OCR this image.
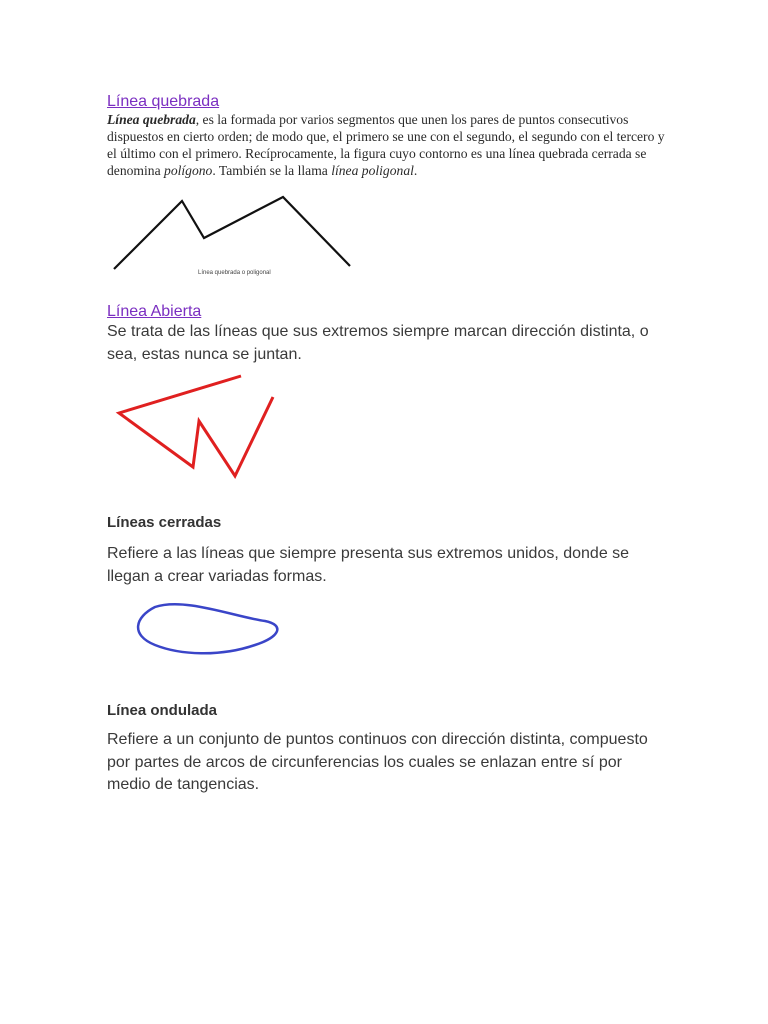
Línea quebrada
Línea quebrada, es la formada por varios segmentos que unen los pares de puntos consecutivos dispuestos en cierto orden; de modo que, el primero se une con el segundo, el segundo con el tercero y el último con el primero. Recíprocamente, la figura cuyo contorno es una línea quebrada cerrada se denomina polígono. También se la llama línea poligonal.
Línea quebrada o poligonal
Línea Abierta
Se trata de las líneas que sus extremos siempre marcan dirección distinta, o sea, estas nunca se juntan.
Líneas cerradas
Refiere a las líneas que siempre presenta sus extremos unidos, donde se llegan a crear variadas formas.
Línea ondulada
Refiere a un conjunto de puntos continuos con dirección distinta, compuesto por partes de arcos de circunferencias los cuales se enlazan entre sí por medio de tangencias.
